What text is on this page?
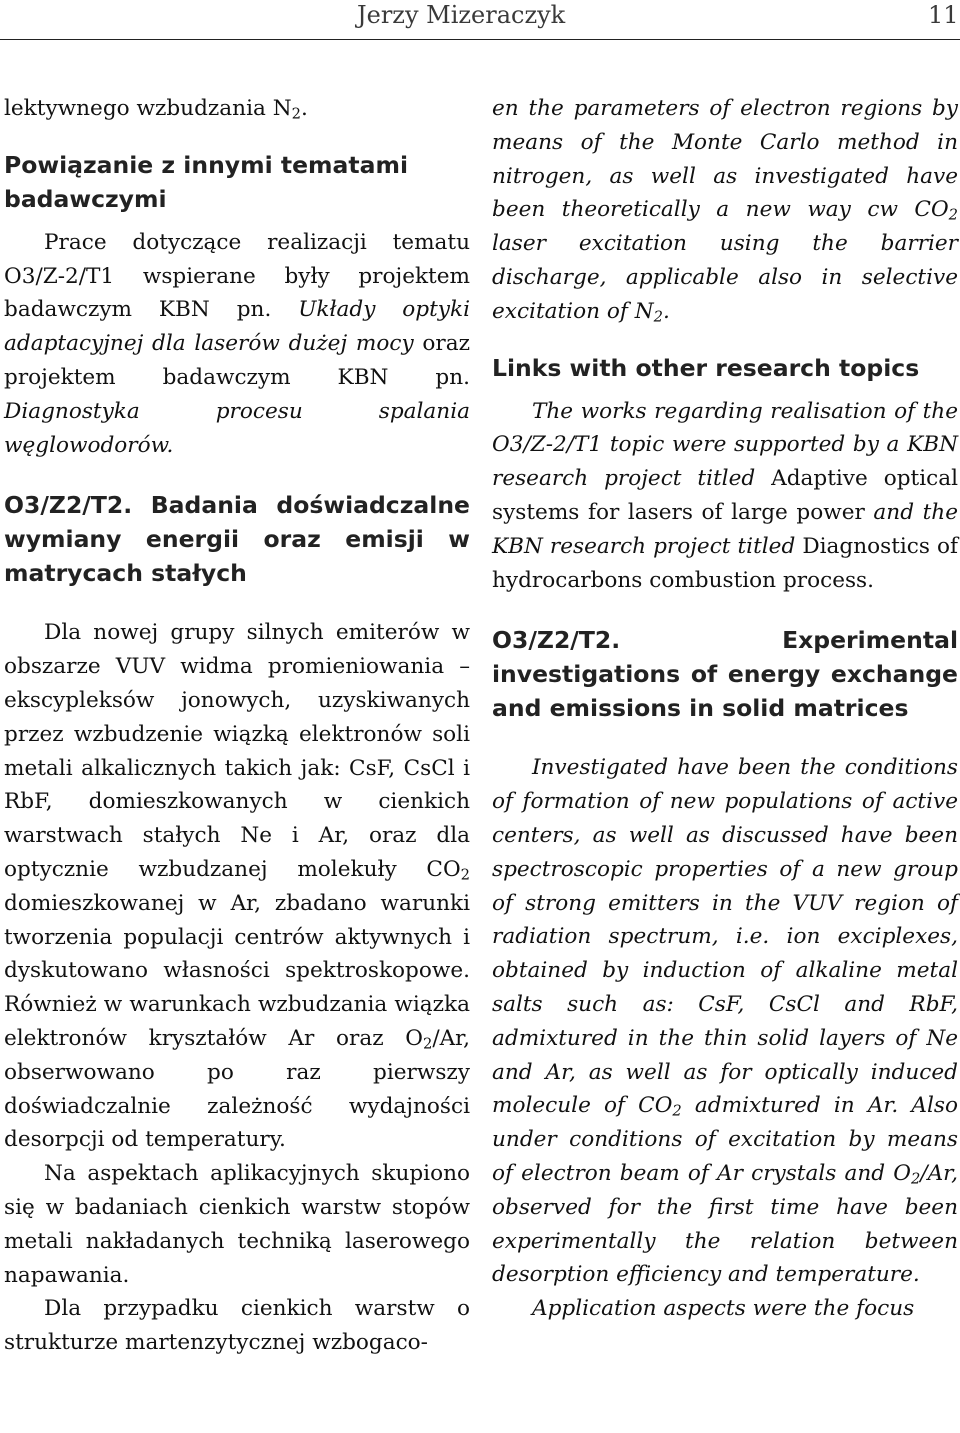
Jerzy Mizeraczyk	11

lektywnego wzbudzania $N_2$.

Powiązanie z innymi tematami badawczymi

Prace dotyczące realizacji tematu O3/Z-2/T1 wspierane były projektem badawczym KBN pn. Układy optyki adaptacyjnej dla laserów dużej mocy oraz projektem badawczym KBN pn. Diagnostyka procesu spalania węglowodorów.

O3/Z2/T2. Badania doświadczalne wymiany energii oraz emisji w matrycach stałych

Dla nowej grupy silnych emiterów w obszarze VUV widma promieniowania – ekscypleksów jonowych, uzyskiwanych przez wzbudzenie wiązką elektronów soli metali alkalicznych takich jak: CsF, CsCl i RbF, domieszkowanych w cienkich warstwach stałych Ne i Ar, oraz dla optycznie wzbudzanej molekuły $CO_2$ domieszkowanej w Ar, zbadano warunki tworzenia populacji centrów aktywnych i dyskutowano własności spektroskopowe. Również w warunkach wzbudzania wiązka elektronów kryształów Ar oraz $O_2/Ar$, obserwowano po raz pierwszy doświadczalnie zależność wydajności desorpcji od temperatury.

Na aspektach aplikacyjnych skupiono się w badaniach cienkich warstw stopów metali nakładanych techniką laserowego napawania.

Dla przypadku cienkich warstw o strukturze martenzytycznej wzbogaco-

en the parameters of electron regions by means of the Monte Carlo method in nitrogen, as well as investigated have been theoretically a new way cw $CO_2$ laser excitation using the barrier discharge, applicable also in selective excitation of $N_2$.

Links with other research topics

The works regarding realisation of the O3/Z-2/T1 topic were supported by a KBN research project titled Adaptive optical systems for lasers of large power and the KBN research project titled Diagnostics of hydrocarbons combustion process.

O3/Z2/T2. Experimental investigations of energy exchange and emissions in solid matrices

Investigated have been the conditions of formation of new populations of active centers, as well as discussed have been spectroscopic properties of a new group of strong emitters in the VUV region of radiation spectrum, i.e. ion exciplexes, obtained by induction of alkaline metal salts such as: CsF, CsCl and RbF, admixtured in the thin solid layers of Ne and Ar, as well as for optically induced molecule of $CO_2$ admixtured in Ar. Also under conditions of excitation by means of electron beam of Ar crystals and $O_2/Ar$, observed for the first time have been experimentally the relation between desorption efficiency and temperature.

Application aspects were the focus
